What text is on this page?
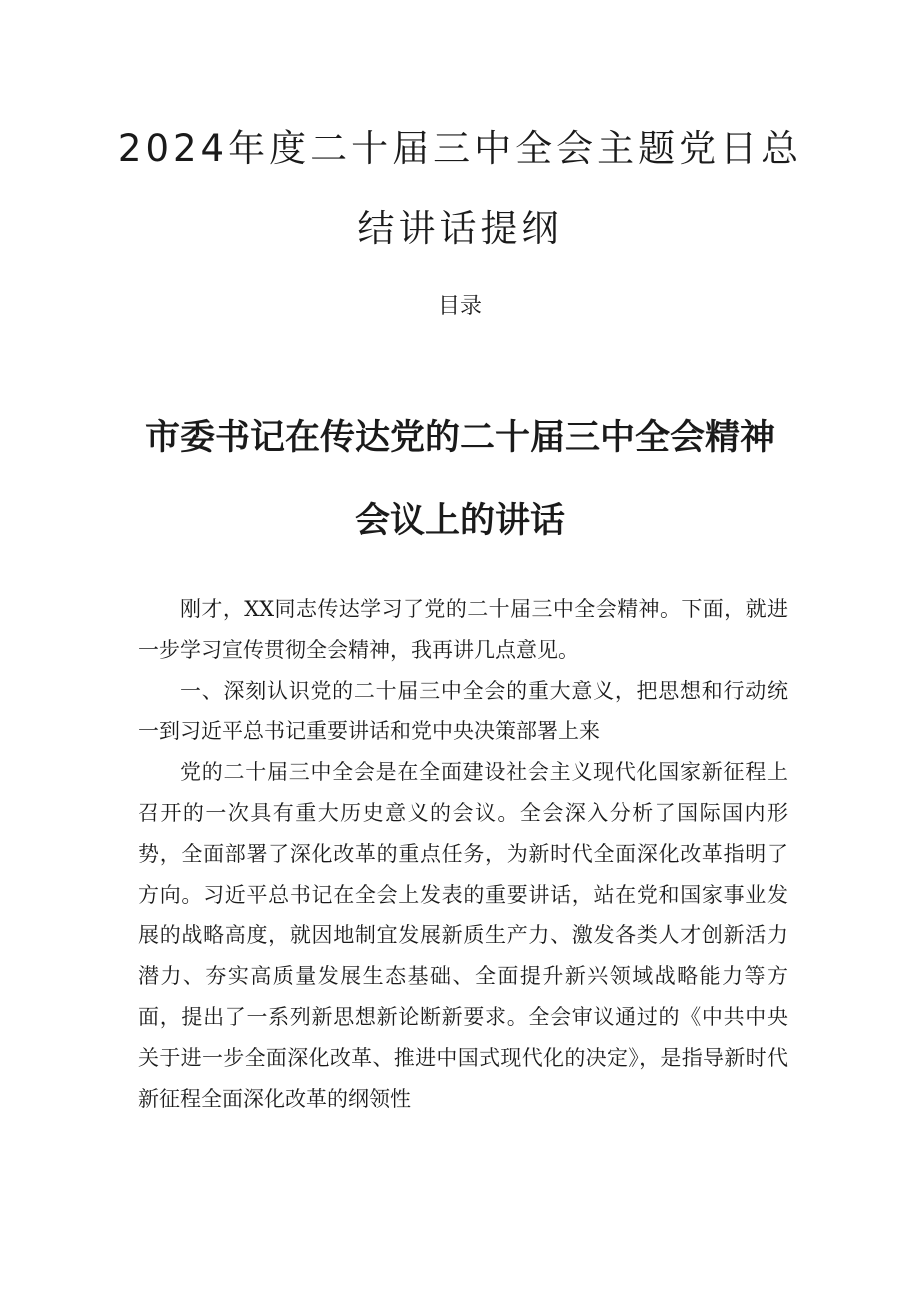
2024年度二十届三中全会主题党日总
结讲话提纲
目录
市委书记在传达党的二十届三中全会精神
会议上的讲话

刚才，XX同志传达学习了党的二十届三中全会精神。下面，就进一步学习宣传贯彻全会精神，我再讲几点意见。

一、深刻认识党的二十届三中全会的重大意义，把思想和行动统一到习近平总书记重要讲话和党中央决策部署上来

党的二十届三中全会是在全面建设社会主义现代化国家新征程上召开的一次具有重大历史意义的会议。全会深入分析了国际国内形势，全面部署了深化改革的重点任务，为新时代全面深化改革指明了方向。习近平总书记在全会上发表的重要讲话，站在党和国家事业发展的战略高度，就因地制宜发展新质生产力、激发各类人才创新活力潜力、夯实高质量发展生态基础、全面提升新兴领域战略能力等方面，提出了一系列新思想新论断新要求。全会审议通过的《中共中央关于进一步全面深化改革、推进中国式现代化的决定》，是指导新时代新征程全面深化改革的纲领性
